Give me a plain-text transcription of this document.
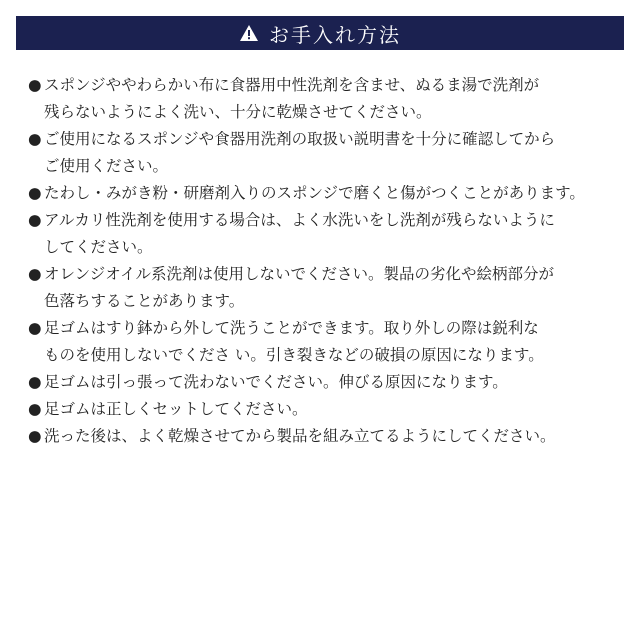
お手入れ方法
● スポンジややわらかい布に食器用中性洗剤を含ませ、ぬるま湯で洗剤が
残らないようによく洗い、十分に乾燥させてください。
● ご使用になるスポンジや食器用洗剤の取扱い説明書を十分に確認してから
ご使用ください。
● たわし・みがき粉・研磨剤入りのスポンジで磨くと傷がつくことがあります。
● アルカリ性洗剤を使用する場合は、よく水洗いをし洗剤が残らないように
してください。
● オレンジオイル系洗剤は使用しないでください。製品の劣化や絵柄部分が
色落ちすることがあります。
● 足ゴムはすり鉢から外して洗うことができます。取り外しの際は鋭利な
ものを使用しないでくださ い。引き裂きなどの破損の原因になります。
● 足ゴムは引っ張って洗わないでください。伸びる原因になります。
● 足ゴムは正しくセットしてください。
● 洗った後は、よく乾燥させてから製品を組み立てるようにしてください。
